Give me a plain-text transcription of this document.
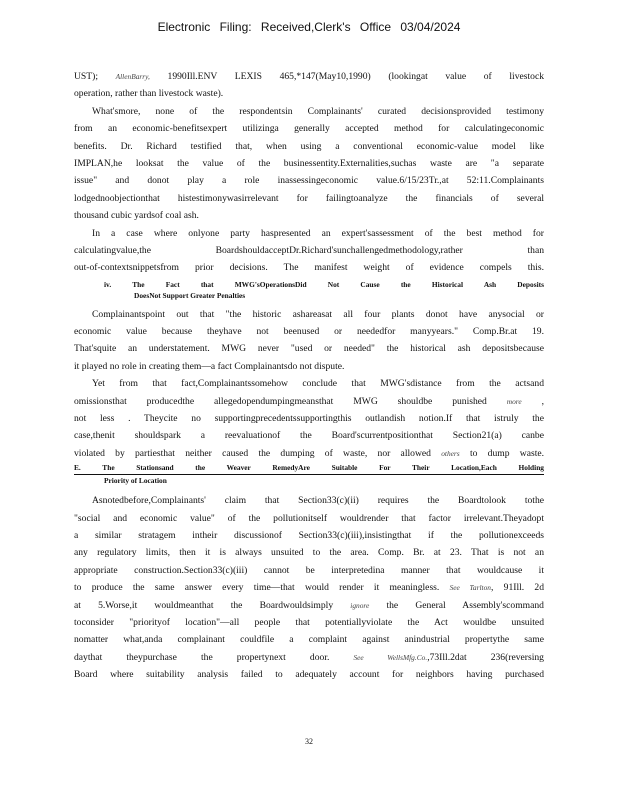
Electronic Filing: Received,Clerk's Office 03/04/2024
UST); AllenBarry, 1990Ill.ENV LEXIS 465,*147(May10,1990) (lookingat value of livestock
operation, rather than livestock waste).
What'smore, none of the respondentsin Complainants' curated decisionsprovided testimony
from an economic-benefitsexpert utilizinga generally accepted method for calculatingeconomic
benefits. Dr. Richard testified that, when using a conventional economic-value model like
IMPLAN,he looksat the value of the businessentity.Externalities,suchas waste are "a separate
issue" and donot play a role inassessingeconomic value.6/15/23Tr.,at 52:11.Complainants
lodgednoobjectionthat histestimonywasirrelevant for failingtoanalyze the financials of several
thousand cubic yardsof coal ash.
In a case where onlyone party haspresented an expert'sassessment of the best method for
calculatingvalue,the BoardshouldacceptDr.Richard'sunchallengedmethodology,rather than
out-of-contextsnippetsfrom prior decisions. The manifest weight of evidence compels this.
iv. The Fact that MWG'sOperationsDid Not Cause the Historical Ash Deposits
DoesNot Support Greater Penalties
Complainantspoint out that "the historic ashareasat all four plants donot have anysocial or
economic value because theyhave not beenused or neededfor manyyears." Comp.Br.at 19.
That'squite an understatement. MWG never "used or needed" the historical ash depositsbecause
it played no role in creating them—a fact Complainantsdo not dispute.
Yet from that fact,Complainantssomehow conclude that MWG'sdistance from the actsand
omissionsthat producedthe allegedopendumpingmeansthat MWG shouldbe punished	more ,
not less . Theycite no supportingprecedentssupportingthis outlandish notion.If that istruly the
case,thenit shouldspark a reevaluationof the Board'scurrentpositionthat Section21(a) canbe
violated by partiesthat neither caused the dumping of waste, nor allowed others to dump waste.
E. The Stationsand the Weaver RemedyAre Suitable For Their Location,Each Holding
Priority of Location
Asnotedbefore,Complainants' claim that Section33(c)(ii) requires the Boardtolook tothe
"social and economic value" of the pollutionitself wouldrender that factor irrelevant.Theyadopt
a similar stratagem intheir discussionof Section33(c)(iii),insistingthat if the pollutionexceeds
any regulatory limits, then it is always unsuited to the area. Comp. Br. at 23. That is not an
appropriate construction.Section33(c)(iii) cannot be interpretedina manner that wouldcause it
to produce the same answer every time—that would render it meaningless. See Tarlton, 91Ill. 2d
at 5.Worse,it wouldmeanthat the Boardwouldsimply ignore the General Assembly'scommand
toconsider "priorityof location"—all people that potentiallyviolate the Act wouldbe unsuited
nomatter what,anda complainant couldfile a complaint against anindustrial propertythe same
daythat theypurchase the propertynext door.	See WellsMfg.Co.,73Ill.2dat 236(reversing
Board where suitability analysis failed to adequately account for neighbors having purchased
32
